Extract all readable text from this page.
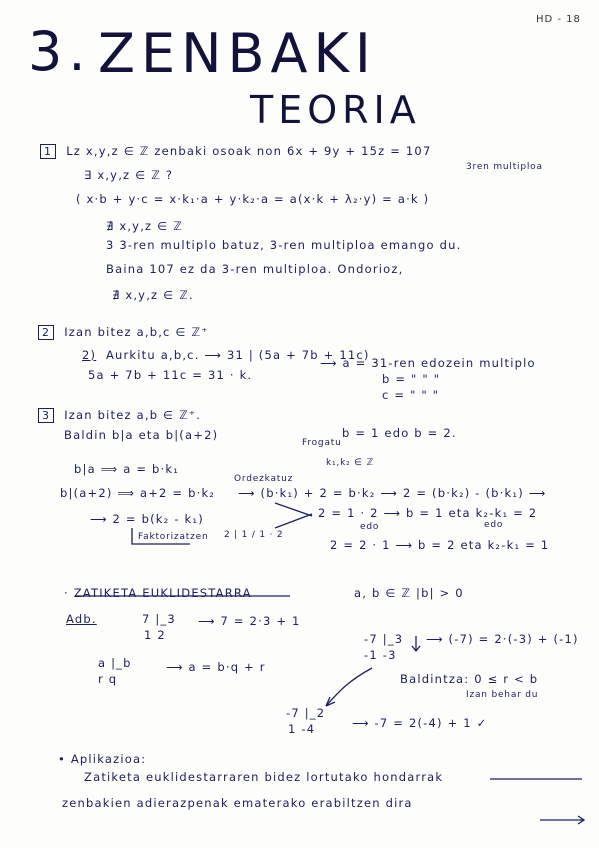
HD - 18
3. ZENBAKI
TEORIA
1 Lz x,y,z ∈ ℤ zenbaki osoak non 6x + 9y + 15z = 107
3ren multiploa
∃ x,y,z ∈ ℤ ?
( x·b + y·c = x·k₁·a + y·k₂·a = a(x·k + λ₂·y) = a·k )
∄ x,y,z ∈ ℤ
3 3-ren multiplo batuz, 3-ren multiploa emango du.
Baina 107 ez da 3-ren multiploa. Ondorioz,
∄ x,y,z ∈ ℤ.
2 Izan bitez a,b,c ∈ ℤ⁺
2) Aurkitu a,b,c. ⟶ 31 | (5a + 7b + 11c)
5a + 7b + 11c = 31 · k.
⟶ a = 31-ren edozein multiplo
b = " " "
c = " " "
3 Izan bitez a,b ∈ ℤ⁺.
Baldin b|a eta b|(a+2)
Frogatu
b = 1 edo b = 2.
b|a ⟹ a = b·k₁	k₁,k₂ ∈ ℤ
Ordezkatuz
b|(a+2) ⟹ a+2 = b·k₂ ⟶ (b·k₁) + 2 = b·k₂ ⟶ 2 = (b·k₂) - (b·k₁) ⟶
⟶ 2 = b(k₂ - k₁)	2 = 1 · 2 ⟶ b = 1 eta k₂-k₁ = 2
edo	edo
Faktorizatzen 2 | 1 / 1 · 2
2 = 2 · 1 ⟶ b = 2 eta k₂-k₁ = 1
· ZATIKETA EUKLIDESTARRA	a, b ∈ ℤ |b| > 0
Adb.	7 |_3
1 2
⟶ 7 = 2·3 + 1
-7 |_3
-1 -3
⟶ (-7) = 2·(-3) + (-1)
a |_b
r q
⟶ a = b·q + r
Baldintza: 0 ≤ r < b
Izan behar du
-7 |_2
1 -4	⟶ -7 = 2(-4) + 1 ✓
• Aplikazioa:
Zatiketa euklidestarraren bidez lortutako hondarrak
zenbakien adierazpenak ematerako erabiltzen dira
